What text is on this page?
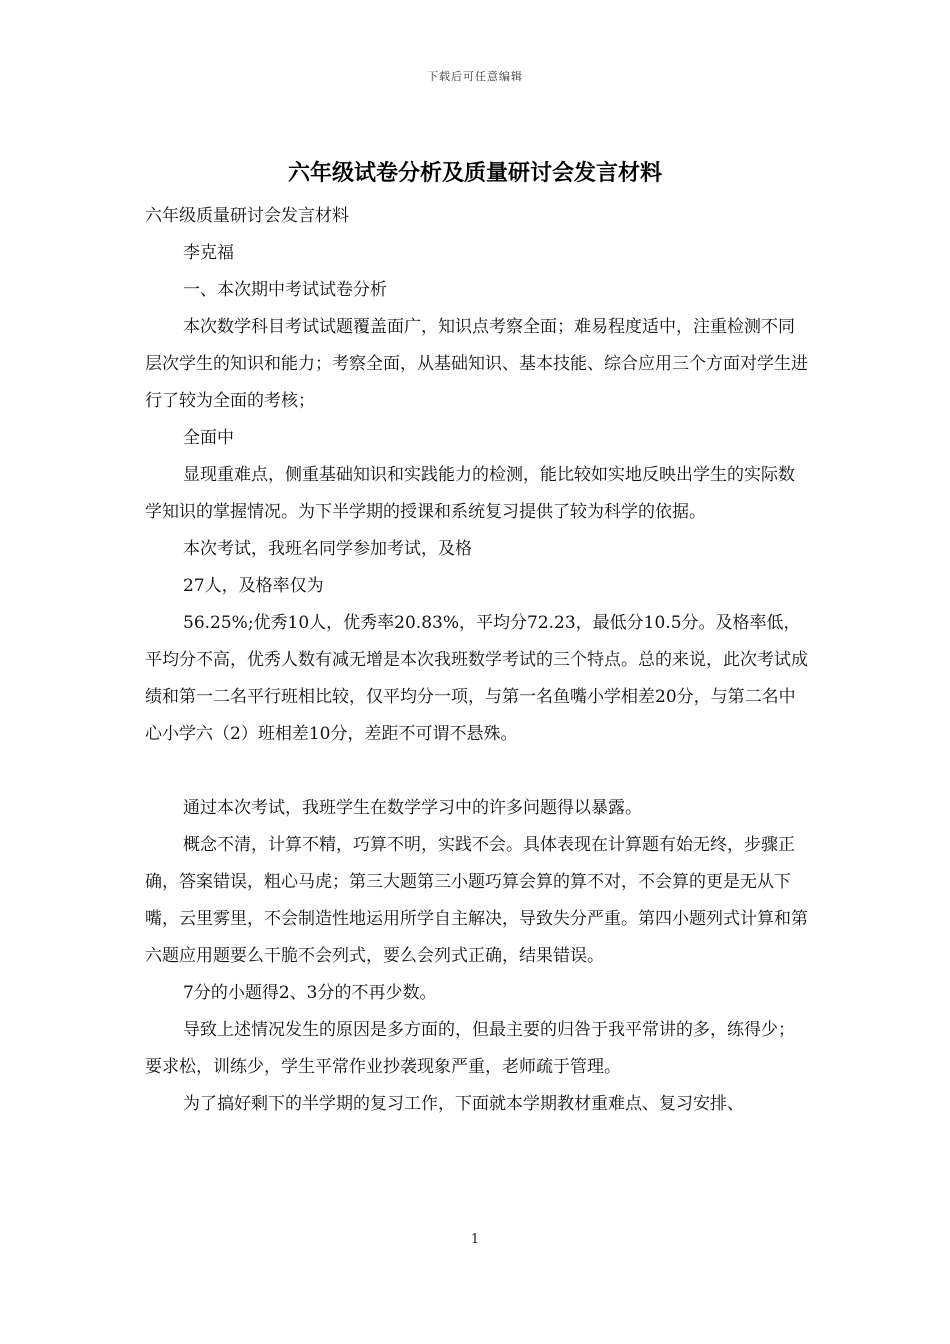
下载后可任意编辑
六年级试卷分析及质量研讨会发言材料

六年级质量研讨会发言材料

李克福

一、本次期中考试试卷分析

本次数学科目考试试题覆盖面广，知识点考察全面；难易程度适中，注重检测不同层次学生的知识和能力；考察全面，从基础知识、基本技能、综合应用三个方面对学生进行了较为全面的考核；

全面中

显现重难点，侧重基础知识和实践能力的检测，能比较如实地反映出学生的实际数学知识的掌握情况。为下半学期的授课和系统复习提供了较为科学的依据。

本次考试，我班名同学参加考试，及格

27人，及格率仅为

56.25%;优秀10人，优秀率20.83%，平均分72.23，最低分10.5分。及格率低，平均分不高，优秀人数有减无增是本次我班数学考试的三个特点。总的来说，此次考试成绩和第一二名平行班相比较，仅平均分一项，与第一名鱼嘴小学相差20分，与第二名中心小学六（2）班相差10分，差距不可谓不悬殊。

通过本次考试，我班学生在数学学习中的许多问题得以暴露。

概念不清，计算不精，巧算不明，实践不会。具体表现在计算题有始无终，步骤正确，答案错误，粗心马虎；第三大题第三小题巧算会算的算不对，不会算的更是无从下嘴，云里雾里，不会制造性地运用所学自主解决，导致失分严重。第四小题列式计算和第六题应用题要么干脆不会列式，要么会列式正确，结果错误。

7分的小题得2、3分的不再少数。

导致上述情况发生的原因是多方面的，但最主要的归咎于我平常讲的多，练得少；要求松，训练少，学生平常作业抄袭现象严重，老师疏于管理。

为了搞好剩下的半学期的复习工作，下面就本学期教材重难点、复习安排、

1
